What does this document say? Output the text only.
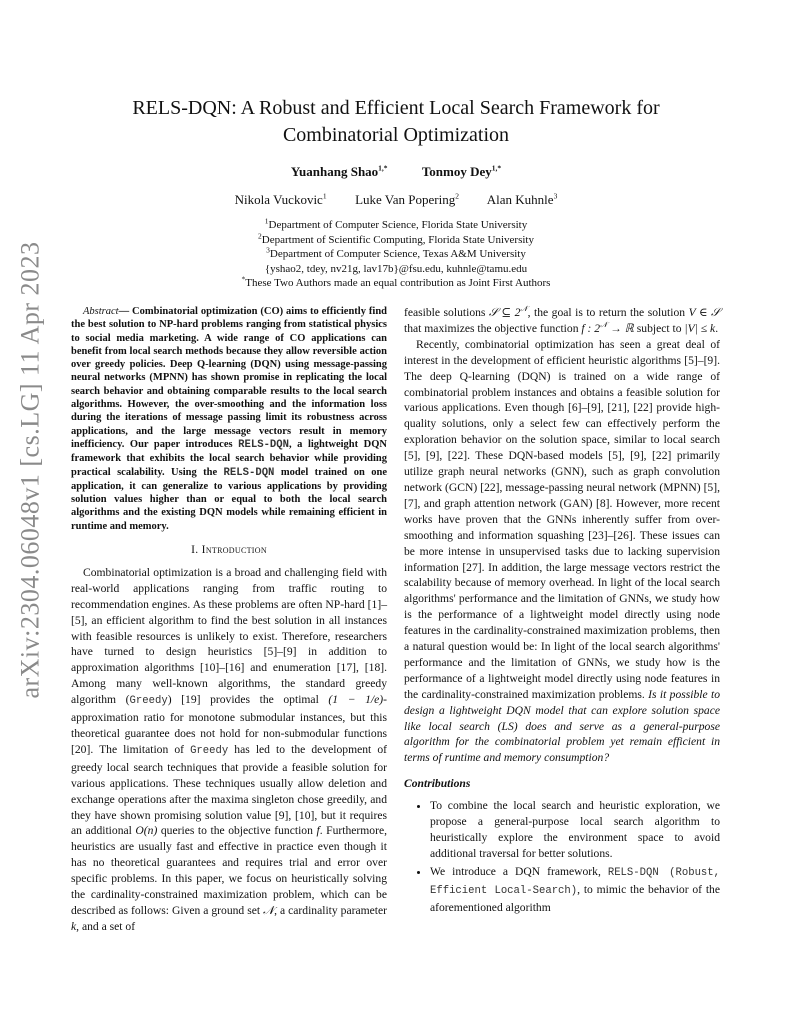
arXiv:2304.06048v1 [cs.LG] 11 Apr 2023
RELS-DQN: A Robust and Efficient Local Search Framework for
Combinatorial Optimization
Yuanhang Shao$^{1,*}$	Tonmoy Dey$^{1,*}$
Nikola Vuckovic$^1$ Luke Van Popering$^2$ Alan Kuhnle$^3$
$^1$Department of Computer Science, Florida State University
$^2$Department of Scientific Computing, Florida State University
$^3$Department of Computer Science, Texas A&M University
{yshao2, tdey, nv21g, lav17b}@fsu.edu, kuhnle@tamu.edu
*These Two Authors made an equal contribution as Joint First Authors

Abstract— Combinatorial optimization (CO) aims to efficiently find the best solution to NP-hard problems ranging from statistical physics to social media marketing. A wide range of CO applications can benefit from local search methods because they allow reversible action over greedy policies. Deep Q-learning (DQN) using message-passing neural networks (MPNN) has shown promise in replicating the local search behavior and obtaining comparable results to the local search algorithms. However, the over-smoothing and the information loss during the iterations of message passing limit its robustness across applications, and the large message vectors result in memory inefficiency. Our paper introduces RELS-DQN, a lightweight DQN framework that exhibits the local search behavior while providing practical scalability. Using the RELS-DQN model trained on one application, it can generalize to various applications by providing solution values higher than or equal to both the local search algorithms and the existing DQN models while remaining efficient in runtime and memory.

I. Introduction

Combinatorial optimization is a broad and challenging field with real-world applications ranging from traffic routing to recommendation engines. As these problems are often NP-hard [1]–[5], an efficient algorithm to find the best solution in all instances with feasible resources is unlikely to exist. Therefore, researchers have turned to design heuristics [5]–[9] in addition to approximation algorithms [10]–[16] and enumeration [17], [18]. Among many well-known algorithms, the standard greedy algorithm (Greedy) [19] provides the optimal (1 − 1/e)-approximation ratio for monotone submodular instances, but this theoretical guarantee does not hold for non-submodular functions [20]. The limitation of Greedy has led to the development of greedy local search techniques that provide a feasible solution for various applications. These techniques usually allow deletion and exchange operations after the maxima singleton chose greedily, and they have shown promising solution value [9], [10], but it requires an additional O(n) queries to the objective function f. Furthermore, heuristics are usually fast and effective in practice even though it has no theoretical guarantees and requires trial and error over specific problems. In this paper, we focus on heuristically solving the cardinality-constrained maximization problem, which can be described as follows: Given a ground set 𝒩, a cardinality parameter k, and a set of

feasible solutions 𝒮 ⊆ $2^𝒩$, the goal is to return the solution V ∈ 𝒮 that maximizes the objective function f : $2^𝒩$ → ℝ subject to |V| ≤ k.

Recently, combinatorial optimization has seen a great deal of interest in the development of efficient heuristic algorithms [5]–[9]. The deep Q-learning (DQN) is trained on a wide range of combinatorial problem instances and obtains a feasible solution for various applications. Even though [6]–[9], [21], [22] provide high-quality solutions, only a select few can effectively perform the exploration behavior on the solution space, similar to local search [5], [9], [22]. These DQN-based models [5], [9], [22] primarily utilize graph neural networks (GNN), such as graph convolution network (GCN) [22], message-passing neural network (MPNN) [5], [7], and graph attention network (GAN) [8]. However, more recent works have proven that the GNNs inherently suffer from over-smoothing and information squashing [23]–[26]. These issues can be more intense in unsupervised tasks due to lacking supervision information [27]. In addition, the large message vectors restrict the scalability because of memory overhead. In light of the local search algorithms' performance and the limitation of GNNs, we study how is the performance of a lightweight model directly using node features in the cardinality-constrained maximization problems, then a natural question would be: In light of the local search algorithms' performance and the limitation of GNNs, we study how is the performance of a lightweight model directly using node features in the cardinality-constrained maximization problems. Is it possible to design a lightweight DQN model that can explore solution space like local search (LS) does and serve as a general-purpose algorithm for the combinatorial problem yet remain efficient in terms of runtime and memory consumption?

Contributions
• To combine the local search and heuristic exploration, we propose a general-purpose local search algorithm to heuristically explore the environment space to avoid additional traversal for better solutions.
• We introduce a DQN framework, RELS-DQN (Robust, Efficient Local-Search), to mimic the behavior of the aforementioned algorithm
